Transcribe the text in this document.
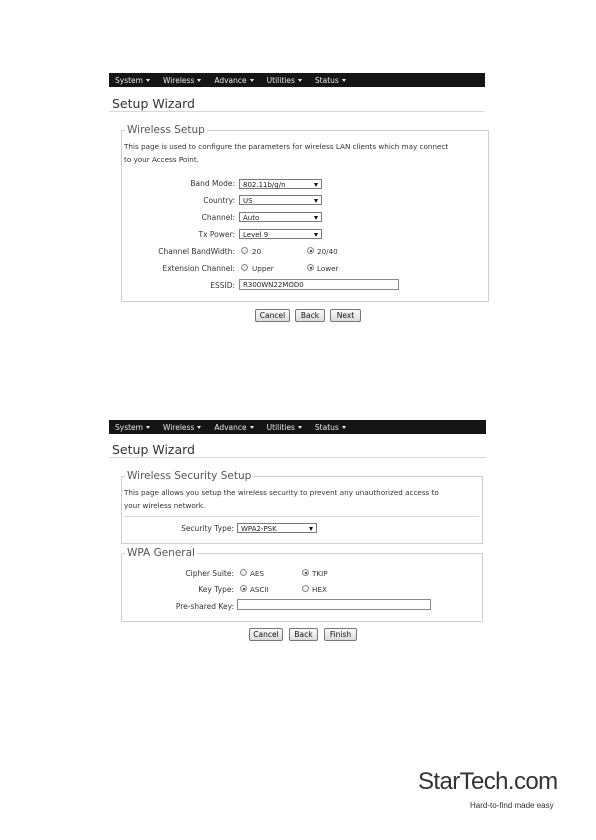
System	Wireless	Advance	Utilities	Status
Setup Wizard
Wireless Setup
This page is used to configure the parameters for wireless LAN clients which may connect
to your Access Point.
Band Mode:	802.11b/g/n
Country:	US
Channel:	Auto
Tx Power:	Level 9
Channel BandWidth: 20	20/40
Extension Channel: Upper	Lower
ESSID:	R300WN22MOD0
Cancel	Back	Next
System	Wireless	Advance	Utilities	Status
Setup Wizard
Wireless Security Setup
This page allows you setup the wireless security to prevent any unauthorized access to
your wireless network.
Security Type:	WPA2-PSK
WPA General
Cipher Suite: AES	TKIP
Key Type: ASCII	HEX
Pre-shared Key:
Cancel	Back	Finish
StarTech.com
Hard-to-find made easy
